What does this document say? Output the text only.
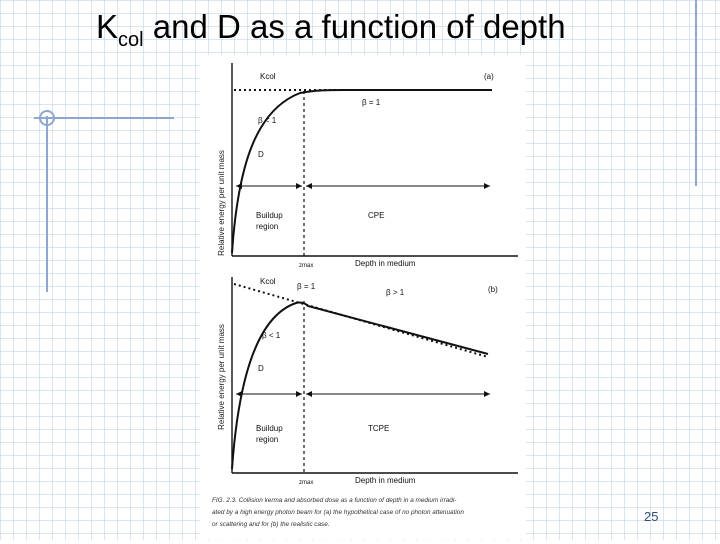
$K_{col}$ and D as a function of depth
Relative energy per unit mass
Kcol	(a)
β = 1
β < 1
D
Buildup
region
CPE
zmax	Depth in medium
Relative energy per unit mass
Kcol
(b)
β = 1
β > 1
β < 1
D
Buildup
region
TCPE
zmax	Depth in medium
FIG. 2.3. Collision kerma and absorbed dose as a function of depth in a medium irradi-
ated by a high energy photon beam for (a) the hypothetical case of no photon attenuation
or scattering and for (b) the realistic case.
25
